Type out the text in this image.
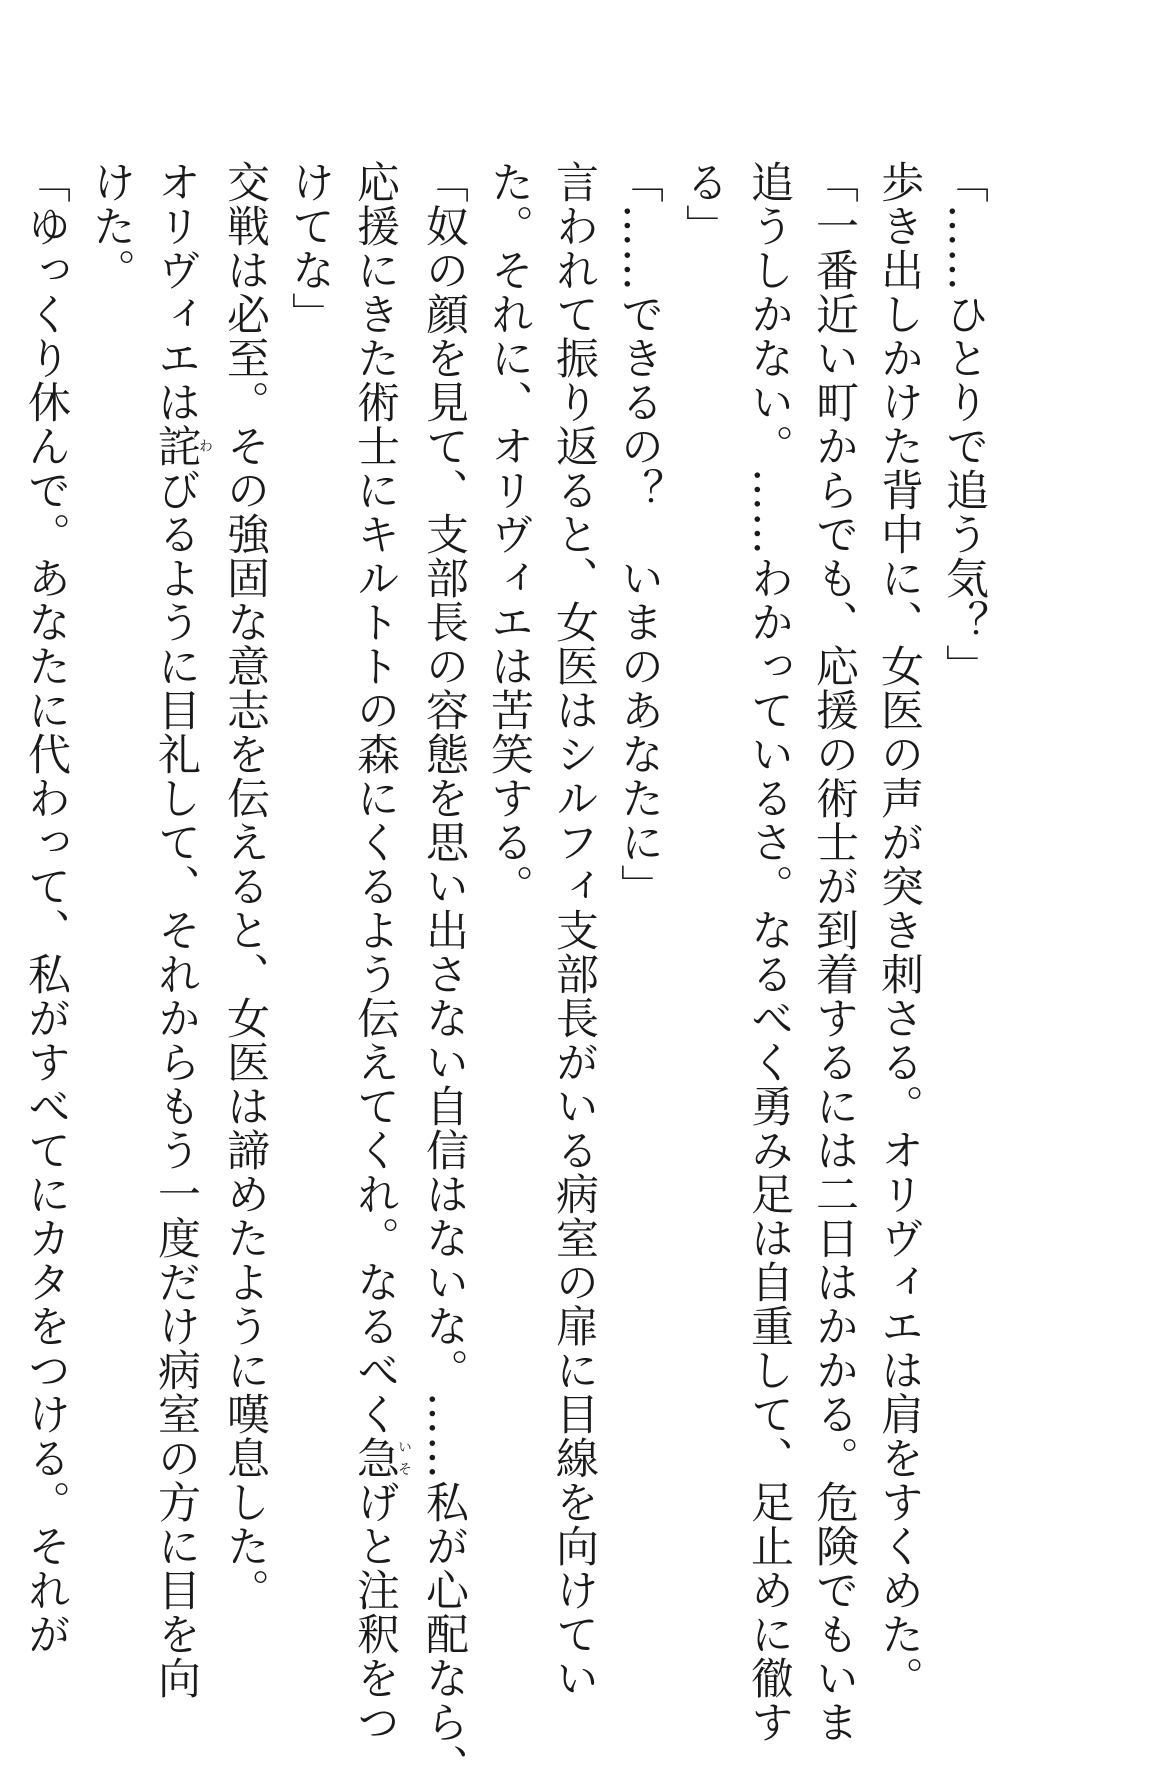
「……ひとりで追う気？」
歩き出しかけた背中に、女医の声が突き刺さる。オリヴィエは肩をすくめた。
「一番近い町からでも、応援の術士が到着するには二日はかかる。危険でもいま
追うしかない。……わかっているさ。なるべく勇み足は自重して、足止めに徹す
る」
「……できるの？　いまのあなたに」
言われて振り返ると、女医はシルフィ支部長がいる病室の扉に目線を向けてい
た。それに、オリヴィエは苦笑する。
「奴の顔を見て、支部長の容態を思い出さない自信はないな。……私が心配なら、
応援にきた術士にキルトトの森にくるよう伝えてくれ。なるべく急いそげと注釈をつ
けてな」
交戦は必至。その強固な意志を伝えると、女医は諦めたように嘆息した。
オリヴィエは詫わびるように目礼して、それからもう一度だけ病室の方に目を向
けた。
「ゆっくり休んで。あなたに代わって、私がすべてにカタをつける。それが
